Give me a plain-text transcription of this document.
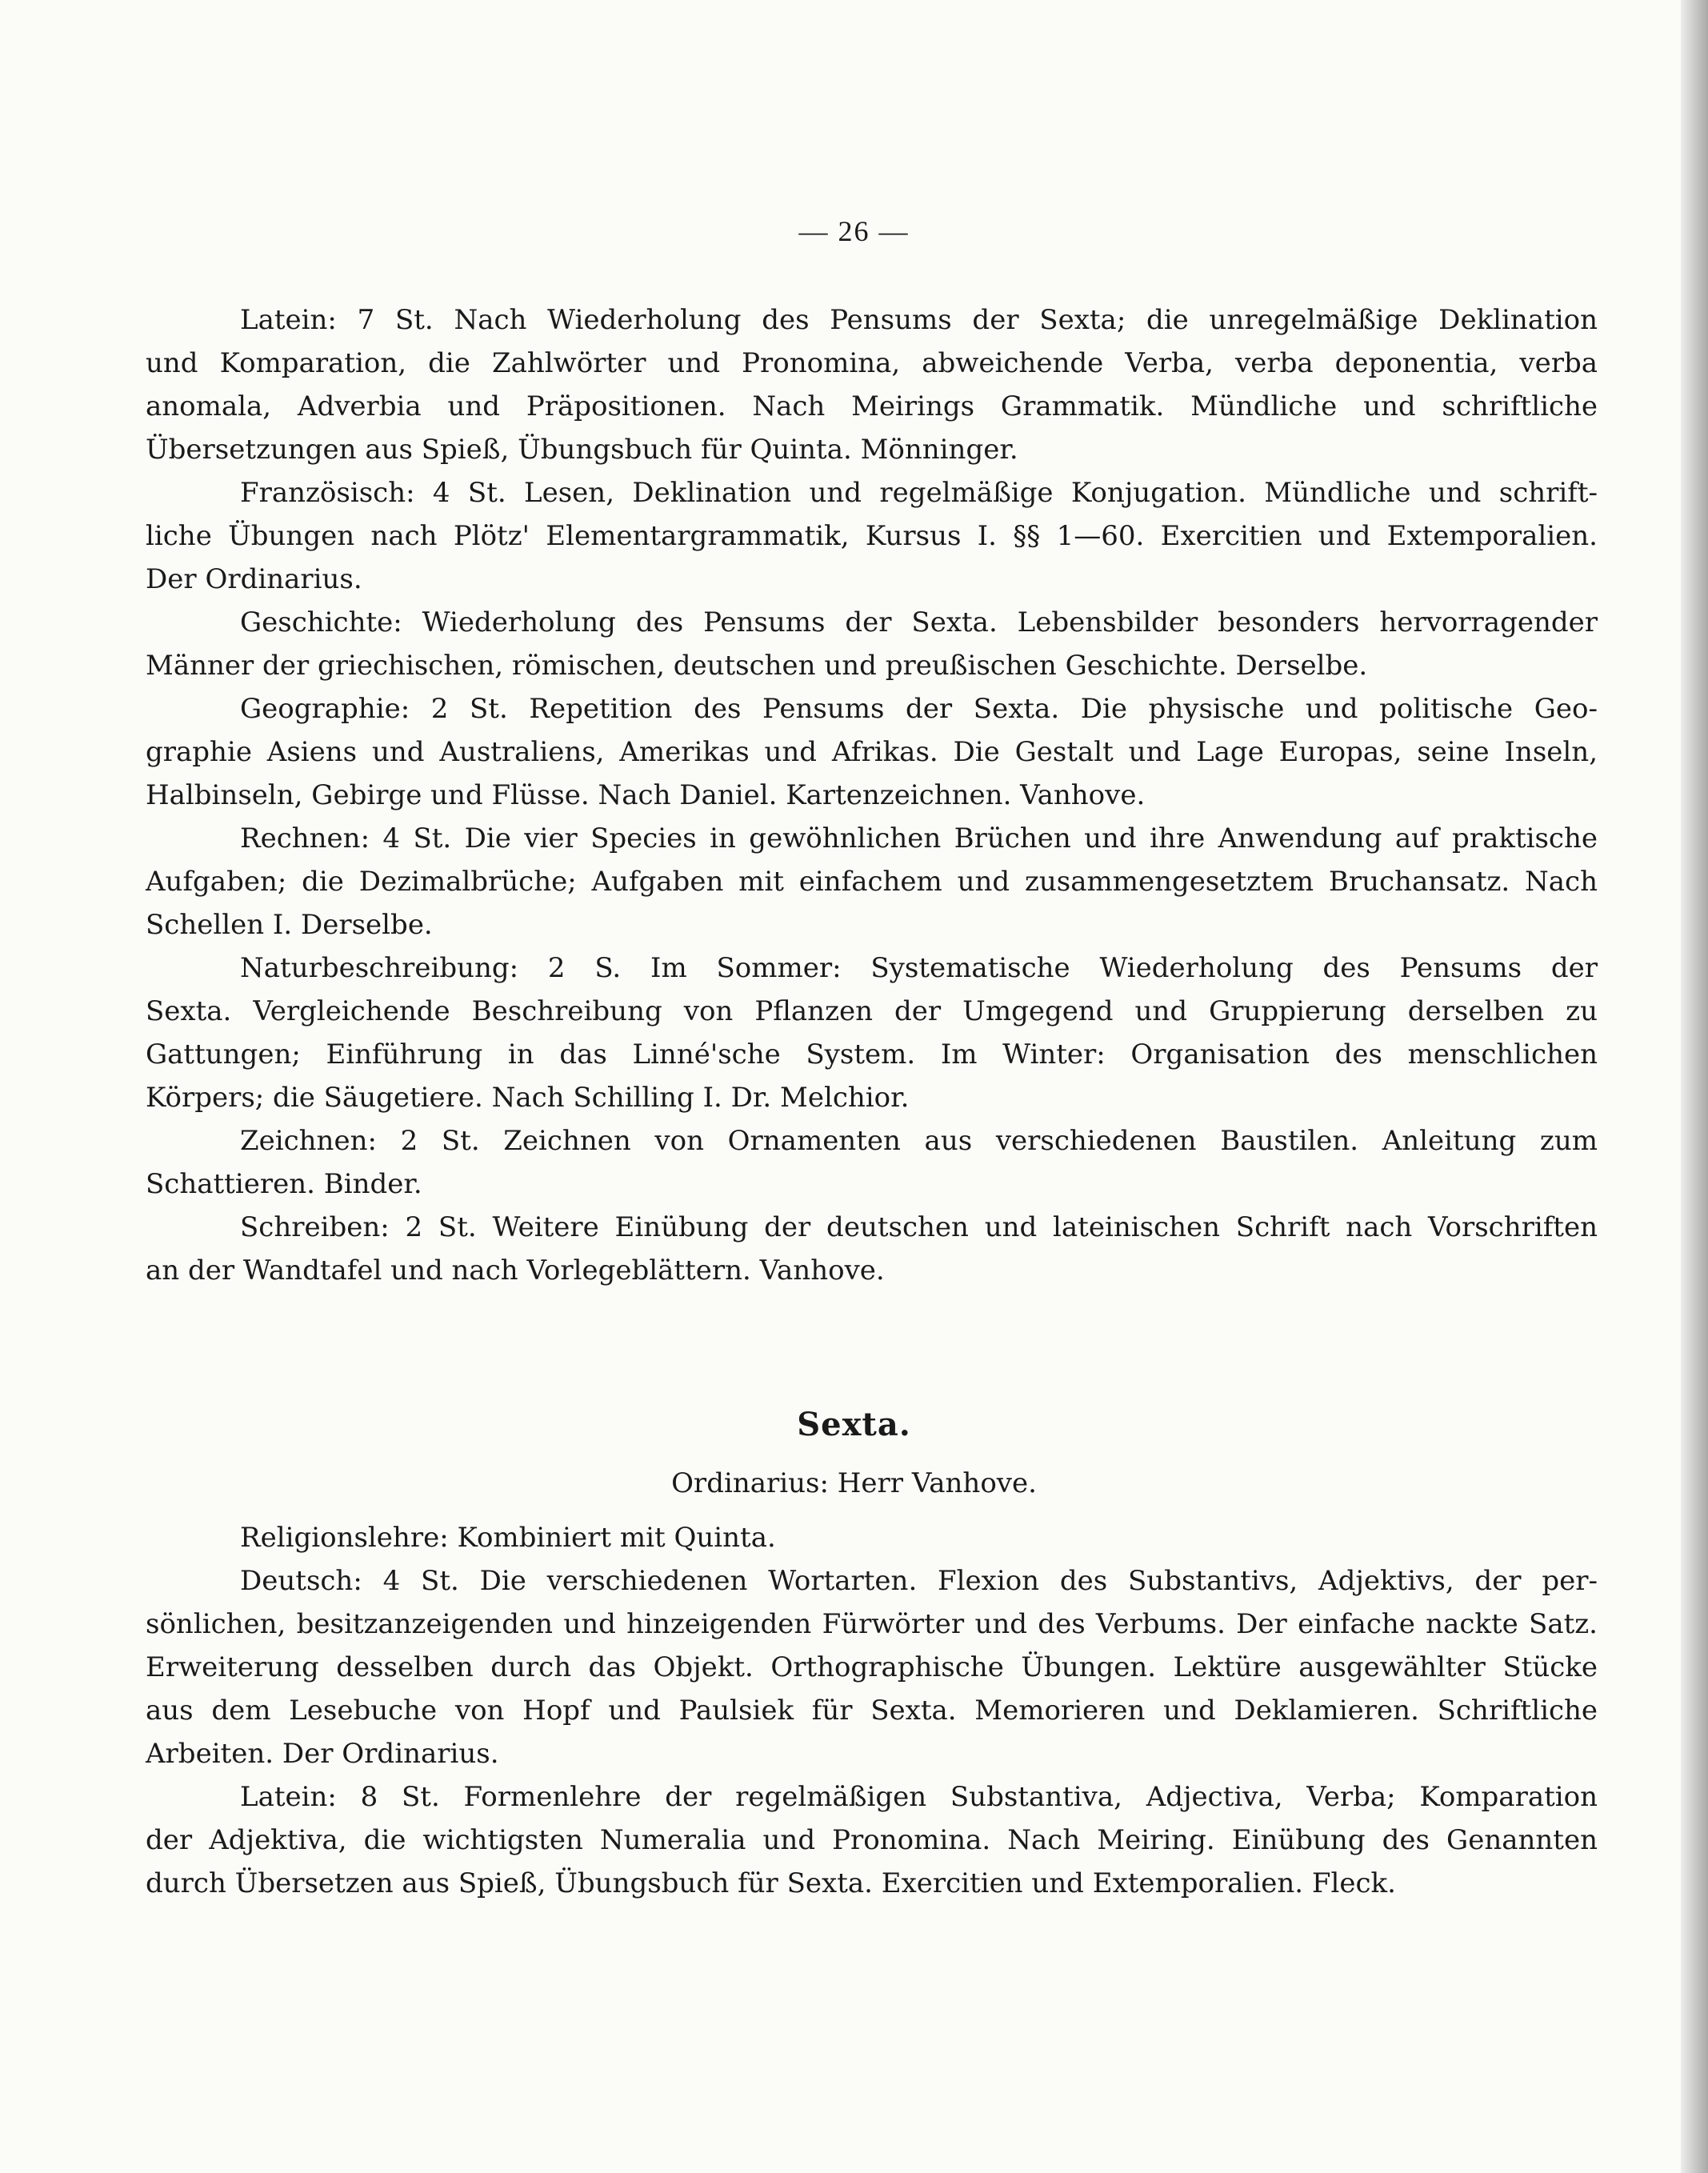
— 26 —
Latein: 7 St. Nach Wiederholung des Pensums der Sexta; die unregelmäßige Deklination
und Komparation, die Zahlwörter und Pronomina, abweichende Verba, verba deponentia, verba
anomala, Adverbia und Präpositionen. Nach Meirings Grammatik. Mündliche und schriftliche
Übersetzungen aus Spieß, Übungsbuch für Quinta. Mönninger.
Französisch: 4 St. Lesen, Deklination und regelmäßige Konjugation. Mündliche und schrift-
liche Übungen nach Plötz' Elementargrammatik, Kursus I. §§ 1—60. Exercitien und Extemporalien.
Der Ordinarius.
Geschichte: Wiederholung des Pensums der Sexta. Lebensbilder besonders hervorragender
Männer der griechischen, römischen, deutschen und preußischen Geschichte. Derselbe.
Geographie: 2 St. Repetition des Pensums der Sexta. Die physische und politische Geo-
graphie Asiens und Australiens, Amerikas und Afrikas. Die Gestalt und Lage Europas, seine Inseln,
Halbinseln, Gebirge und Flüsse. Nach Daniel. Kartenzeichnen. Vanhove.
Rechnen: 4 St. Die vier Species in gewöhnlichen Brüchen und ihre Anwendung auf praktische
Aufgaben; die Dezimalbrüche; Aufgaben mit einfachem und zusammengesetztem Bruchansatz. Nach
Schellen I. Derselbe.
Naturbeschreibung: 2 S. Im Sommer: Systematische Wiederholung des Pensums der
Sexta. Vergleichende Beschreibung von Pflanzen der Umgegend und Gruppierung derselben zu
Gattungen; Einführung in das Linné'sche System. Im Winter: Organisation des menschlichen
Körpers; die Säugetiere. Nach Schilling I. Dr. Melchior.
Zeichnen: 2 St. Zeichnen von Ornamenten aus verschiedenen Baustilen. Anleitung zum
Schattieren. Binder.
Schreiben: 2 St. Weitere Einübung der deutschen und lateinischen Schrift nach Vorschriften
an der Wandtafel und nach Vorlegeblättern. Vanhove.
Sexta.
Ordinarius: Herr Vanhove.
Religionslehre: Kombiniert mit Quinta.
Deutsch: 4 St. Die verschiedenen Wortarten. Flexion des Substantivs, Adjektivs, der per-
sönlichen, besitzanzeigenden und hinzeigenden Fürwörter und des Verbums. Der einfache nackte Satz.
Erweiterung desselben durch das Objekt. Orthographische Übungen. Lektüre ausgewählter Stücke
aus dem Lesebuche von Hopf und Paulsiek für Sexta. Memorieren und Deklamieren. Schriftliche
Arbeiten. Der Ordinarius.
Latein: 8 St. Formenlehre der regelmäßigen Substantiva, Adjectiva, Verba; Komparation
der Adjektiva, die wichtigsten Numeralia und Pronomina. Nach Meiring. Einübung des Genannten
durch Übersetzen aus Spieß, Übungsbuch für Sexta. Exercitien und Extemporalien. Fleck.
